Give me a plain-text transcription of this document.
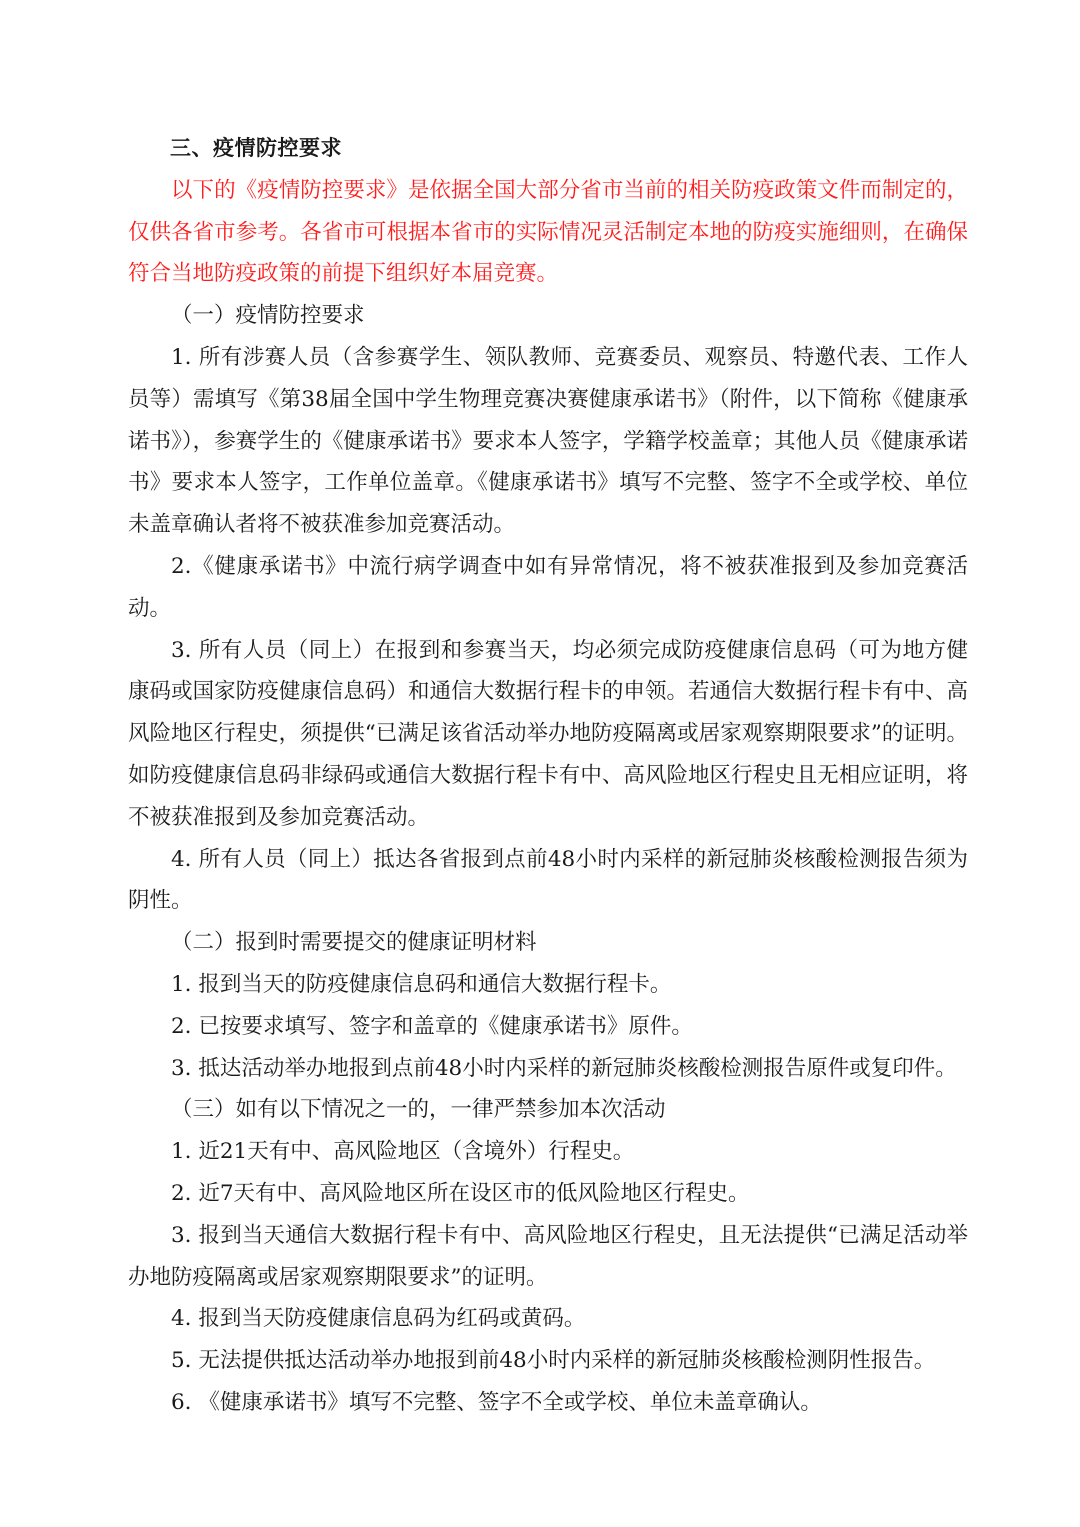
三、疫情防控要求

以下的《疫情防控要求》是依据全国大部分省市当前的相关防疫政策文件而制定的，仅供各省市参考。各省市可根据本省市的实际情况灵活制定本地的防疫实施细则，在确保符合当地防疫政策的前提下组织好本届竞赛。

（一）疫情防控要求

1. 所有涉赛人员（含参赛学生、领队教师、竞赛委员、观察员、特邀代表、工作人员等）需填写《第38届全国中学生物理竞赛决赛健康承诺书》（附件，以下简称《健康承诺书》），参赛学生的《健康承诺书》要求本人签字，学籍学校盖章；其他人员《健康承诺书》要求本人签字，工作单位盖章。《健康承诺书》填写不完整、签字不全或学校、单位未盖章确认者将不被获准参加竞赛活动。

2.《健康承诺书》中流行病学调查中如有异常情况，将不被获准报到及参加竞赛活动。

3. 所有人员（同上）在报到和参赛当天，均必须完成防疫健康信息码（可为地方健康码或国家防疫健康信息码）和通信大数据行程卡的申领。若通信大数据行程卡有中、高风险地区行程史，须提供“已满足该省活动举办地防疫隔离或居家观察期限要求”的证明。如防疫健康信息码非绿码或通信大数据行程卡有中、高风险地区行程史且无相应证明，将不被获准报到及参加竞赛活动。

4. 所有人员（同上）抵达各省报到点前48小时内采样的新冠肺炎核酸检测报告须为阴性。

（二）报到时需要提交的健康证明材料

1. 报到当天的防疫健康信息码和通信大数据行程卡。

2. 已按要求填写、签字和盖章的《健康承诺书》原件。

3. 抵达活动举办地报到点前48小时内采样的新冠肺炎核酸检测报告原件或复印件。

（三）如有以下情况之一的，一律严禁参加本次活动

1. 近21天有中、高风险地区（含境外）行程史。

2. 近7天有中、高风险地区所在设区市的低风险地区行程史。

3. 报到当天通信大数据行程卡有中、高风险地区行程史，且无法提供“已满足活动举办地防疫隔离或居家观察期限要求”的证明。

4. 报到当天防疫健康信息码为红码或黄码。

5. 无法提供抵达活动举办地报到前48小时内采样的新冠肺炎核酸检测阴性报告。

6. 《健康承诺书》填写不完整、签字不全或学校、单位未盖章确认。
